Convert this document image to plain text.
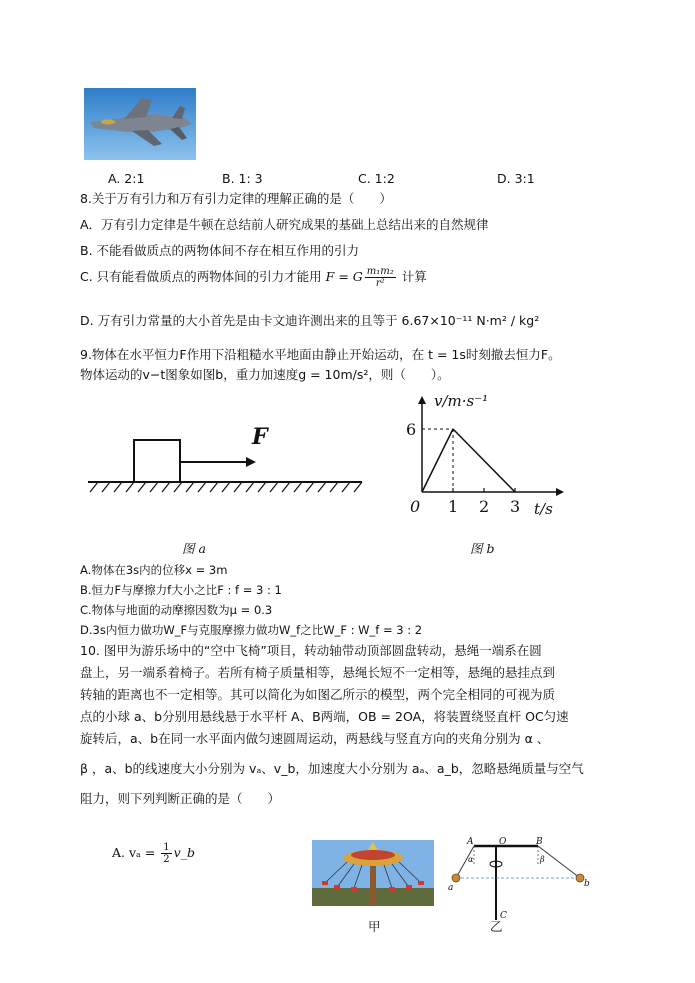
A. 2:1	B. 1: 3	C. 1:2	D. 3:1
8.关于万有引力和万有引力定律的理解正确的是（　　）
A．万有引力定律是牛顿在总结前人研究成果的基础上总结出来的自然规律
B. 不能看做质点的两物体间不存在相互作用的引力
C. 只有能看做质点的两物体间的引力才能用 F = G $\frac{\text{m₁m₂}}{\text{r²}}$ 计算
D. 万有引力常量的大小首先是由卡文迪许测出来的且等于 6.67×10⁻¹¹ N·m² / kg²
9.物体在水平恒力F作用下沿粗糙水平地面由静止开始运动，在 t = 1s时刻撤去恒力F。
物体运动的v−t图象如图b，重力加速度g = 10m/s²，则（　　）。
F
v/m·s⁻¹
t/s
0 1 2 3
6
图 a	图 b
A.物体在3s内的位移x = 3m
B.恒力F与摩擦力f大小之比F : f = 3 : 1
C.物体与地面的动摩擦因数为μ = 0.3
D.3s内恒力做功W_F与克服摩擦力做功W_f之比W_F : W_f = 3 : 2
10. 图甲为游乐场中的“空中飞椅”项目，转动轴带动顶部圆盘转动，悬绳一端系在圆
盘上，另一端系着椅子。若所有椅子质量相等，悬绳长短不一定相等，悬绳的悬挂点到
转轴的距离也不一定相等。其可以简化为如图乙所示的模型，两个完全相同的可视为质
点的小球 a、b分别用悬线悬于水平杆 A、B两端，OB = 2OA，将装置绕竖直杆 OC匀速
旋转后，a、b在同一水平面内做匀速圆周运动，两悬线与竖直方向的夹角分别为 α 、
β ，a、b的线速度大小分别为 vₐ、v_b，加速度大小分别为 aₐ、a_b，忽略悬绳质量与空气
阻力，则下列判断正确的是（　　）
A. $v_a = \frac{1}{2}$ v_b
O
A	B
C
a	b
α	β
甲	乙
